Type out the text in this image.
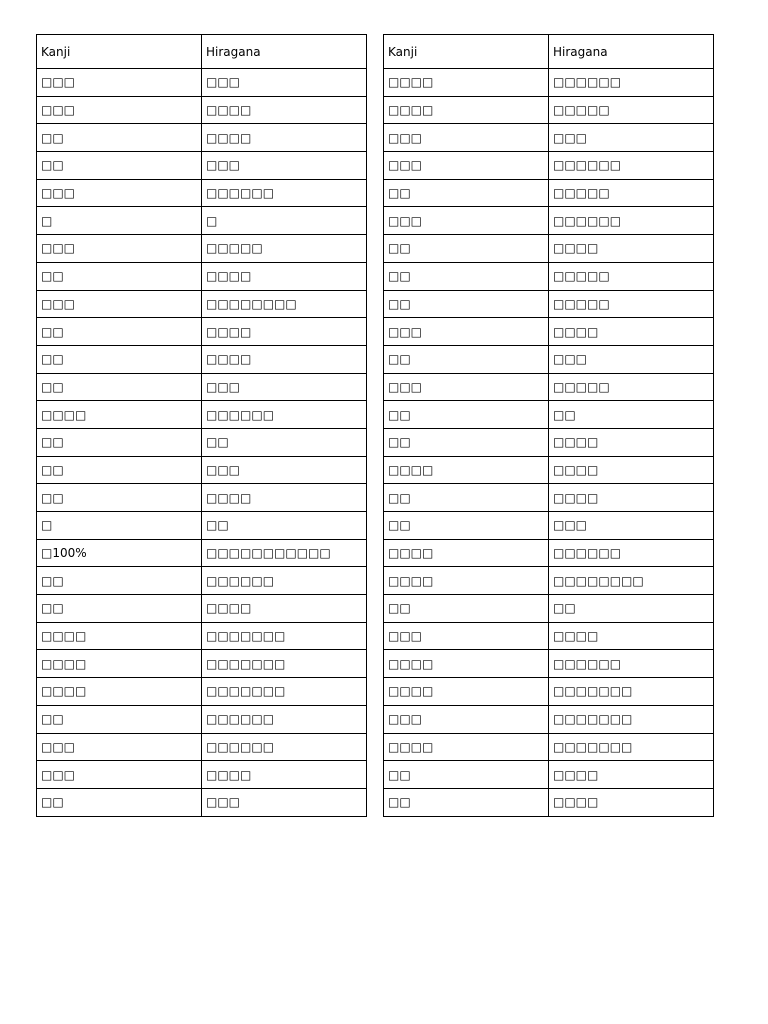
Kanji	Hiragana
□□□	□□□
□□□	□□□□
□□	□□□□
□□	□□□
□□□	□□□□□□
□	□
□□□	□□□□□
□□	□□□□
□□□	□□□□□□□□
□□	□□□□
□□	□□□□
□□	□□□
□□□□	□□□□□□
□□	□□
□□	□□□
□□	□□□□
□	□□
□100%	□□□□□□□□□□□
□□	□□□□□□
□□	□□□□
□□□□	□□□□□□□
□□□□	□□□□□□□
□□□□	□□□□□□□
□□	□□□□□□
□□□	□□□□□□
□□□	□□□□
□□	□□□
Kanji	Hiragana
□□□□	□□□□□□
□□□□	□□□□□
□□□	□□□
□□□	□□□□□□
□□	□□□□□
□□□	□□□□□□
□□	□□□□
□□	□□□□□
□□	□□□□□
□□□	□□□□
□□	□□□
□□□	□□□□□
□□	□□
□□	□□□□
□□□□	□□□□
□□	□□□□
□□	□□□
□□□□	□□□□□□
□□□□	□□□□□□□□
□□	□□
□□□	□□□□
□□□□	□□□□□□
□□□□	□□□□□□□
□□□	□□□□□□□
□□□□	□□□□□□□
□□	□□□□
□□	□□□□
